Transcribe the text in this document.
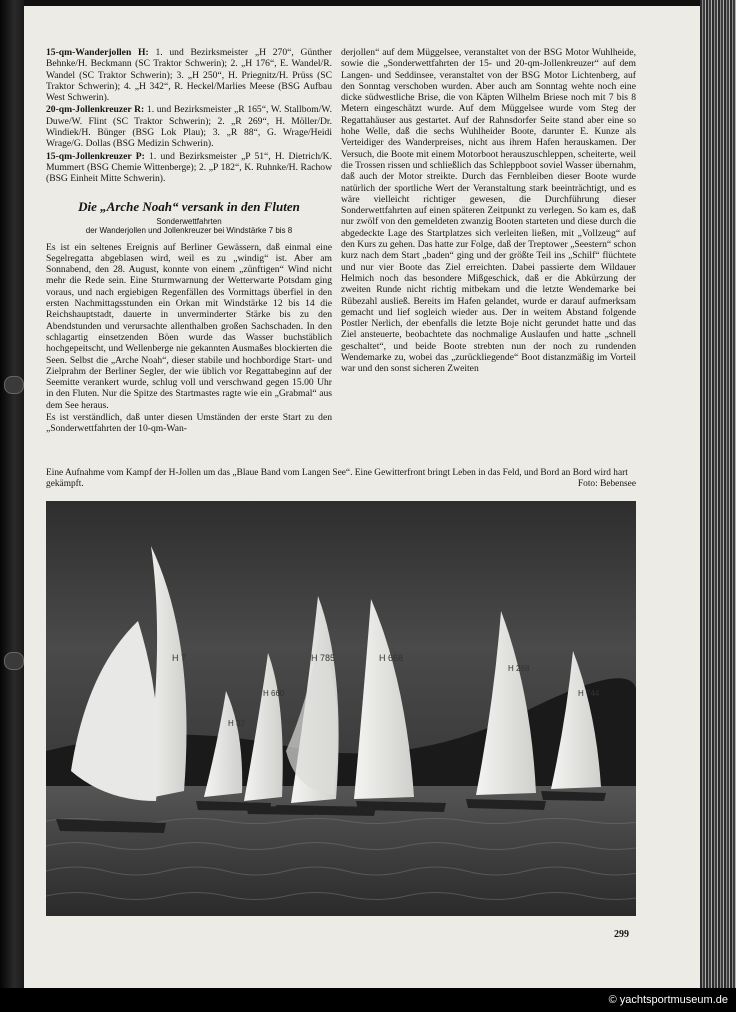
15-qm-Wanderjollen H: 1. und Bezirksmeister „H 270“, Günther Behnke/H. Beckmann (SC Traktor Schwerin); 2. „H 176“, E. Wandel/R. Wandel (SC Traktor Schwerin); 3. „H 250“, H. Priegnitz/H. Prüss (SC Traktor Schwerin); 4. „H 342“, R. Heckel/Marlies Meese (BSG Aufbau West Schwerin).

20-qm-Jollenkreuzer R: 1. und Bezirksmeister „R 165“, W. Stallbom/W. Duwe/W. Flint (SC Traktor Schwerin); 2. „R 269“, H. Möller/Dr. Windiek/H. Bünger (BSG Lok Plau); 3. „R 88“, G. Wrage/Heidi Wrage/G. Dollas (BSG Medizin Schwerin).

15-qm-Jollenkreuzer P: 1. und Bezirksmeister „P 51“, H. Dietrich/K. Mummert (BSG Chemie Wittenberge); 2. „P 182“, K. Ruhnke/H. Rachow (BSG Einheit Mitte Schwerin).

Die „Arche Noah“ versank in den Fluten
Sonderwettfahrten
der Wanderjollen und Jollenkreuzer bei Windstärke 7 bis 8

Es ist ein seltenes Ereignis auf Berliner Gewässern, daß einmal eine Segelregatta abgeblasen wird, weil es zu „windig“ ist. Aber am Sonnabend, den 28. August, konnte von einem „zünftigen“ Wind nicht mehr die Rede sein. Eine Sturmwarnung der Wetterwarte Potsdam ging voraus, und nach ergiebigen Regenfällen des Vormittags überfiel in den ersten Nachmittagsstunden ein Orkan mit Windstärke 12 bis 14 die Reichshauptstadt, dauerte in unverminderter Stärke bis zu den Abendstunden und verursachte allenthalben großen Sachschaden. In den schlagartig einsetzenden Böen wurde das Wasser buchstäblich hochgepeitscht, und Wellenberge nie gekannten Ausmaßes blockierten die Seen. Selbst die „Arche Noah“, dieser stabile und hochbordige Start- und Zielprahm der Berliner Segler, der wie üblich vor Regattabeginn auf der Seemitte verankert wurde, schlug voll und verschwand gegen 15.00 Uhr in den Fluten. Nur die Spitze des Startmastes ragte wie ein „Grabmal“ aus dem See heraus.

Es ist verständlich, daß unter diesen Umständen der erste Start zu den „Sonderwettfahrten der 10-qm-Wan-

derjollen“ auf dem Müggelsee, veranstaltet von der BSG Motor Wuhlheide, sowie die „Sonderwettfahrten der 15- und 20-qm-Jollenkreuzer“ auf dem Langen- und Seddinsee, veranstaltet von der BSG Motor Lichtenberg, auf den Sonntag verschoben wurden. Aber auch am Sonntag wehte noch eine dicke südwestliche Brise, die von Käpten Wilhelm Briese noch mit 7 bis 8 Metern eingeschätzt wurde. Auf dem Müggelsee wurde vom Steg der Regattahäuser aus gestartet. Auf der Rahnsdorfer Seite stand aber eine so hohe Welle, daß die sechs Wuhlheider Boote, darunter E. Kunze als Verteidiger des Wanderpreises, nicht aus ihrem Hafen herauskamen. Der Versuch, die Boote mit einem Motorboot herauszuschleppen, scheiterte, weil die Trossen rissen und schließlich das Schleppboot soviel Wasser übernahm, daß auch der Motor streikte. Durch das Fernbleiben dieser Boote wurde natürlich der sportliche Wert der Veranstaltung stark beeinträchtigt, und es wäre vielleicht richtiger gewesen, die Durchführung dieser Sonderwettfahrten auf einen späteren Zeitpunkt zu verlegen. So kam es, daß nur zwölf von den gemeldeten zwanzig Booten starteten und diese durch die abgedeckte Lage des Startplatzes sich verleiten ließen, mit „Vollzeug“ auf den Kurs zu gehen. Das hatte zur Folge, daß der Treptower „Seestern“ schon kurz nach dem Start „baden“ ging und der größte Teil ins „Schilf“ flüchtete und nur vier Boote das Ziel erreichten. Dabei passierte dem Wildauer Helmich noch das besondere Mißgeschick, daß er die Abkürzung der zweiten Runde nicht richtig mitbekam und die letzte Wendemarke bei Rübezahl ausließ. Bereits im Hafen gelandet, wurde er darauf aufmerksam gemacht und lief sogleich wieder aus. Der in weitem Abstand folgende Postler Nerlich, der ebenfalls die letzte Boje nicht gerundet hatte und das Ziel ansteuerte, beobachtete das nochmalige Auslaufen und hatte „schnell geschaltet“, und beide Boote strebten nun der noch zu rundenden Wendemarke zu, wobei das „zurückliegende“ Boot distanzmäßig im Vorteil war und den sonst sicheren Zweiten

Eine Aufnahme vom Kampf der H-Jollen um das „Blaue Band vom Langen See“. Eine Gewitterfront bringt Leben in das Feld, und Bord an Bord wird hart gekämpft.	Foto: Bebensee
H 7
H 32
H 660
H 785	H 668
H 268
H 744
299
© yachtsportmuseum.de
